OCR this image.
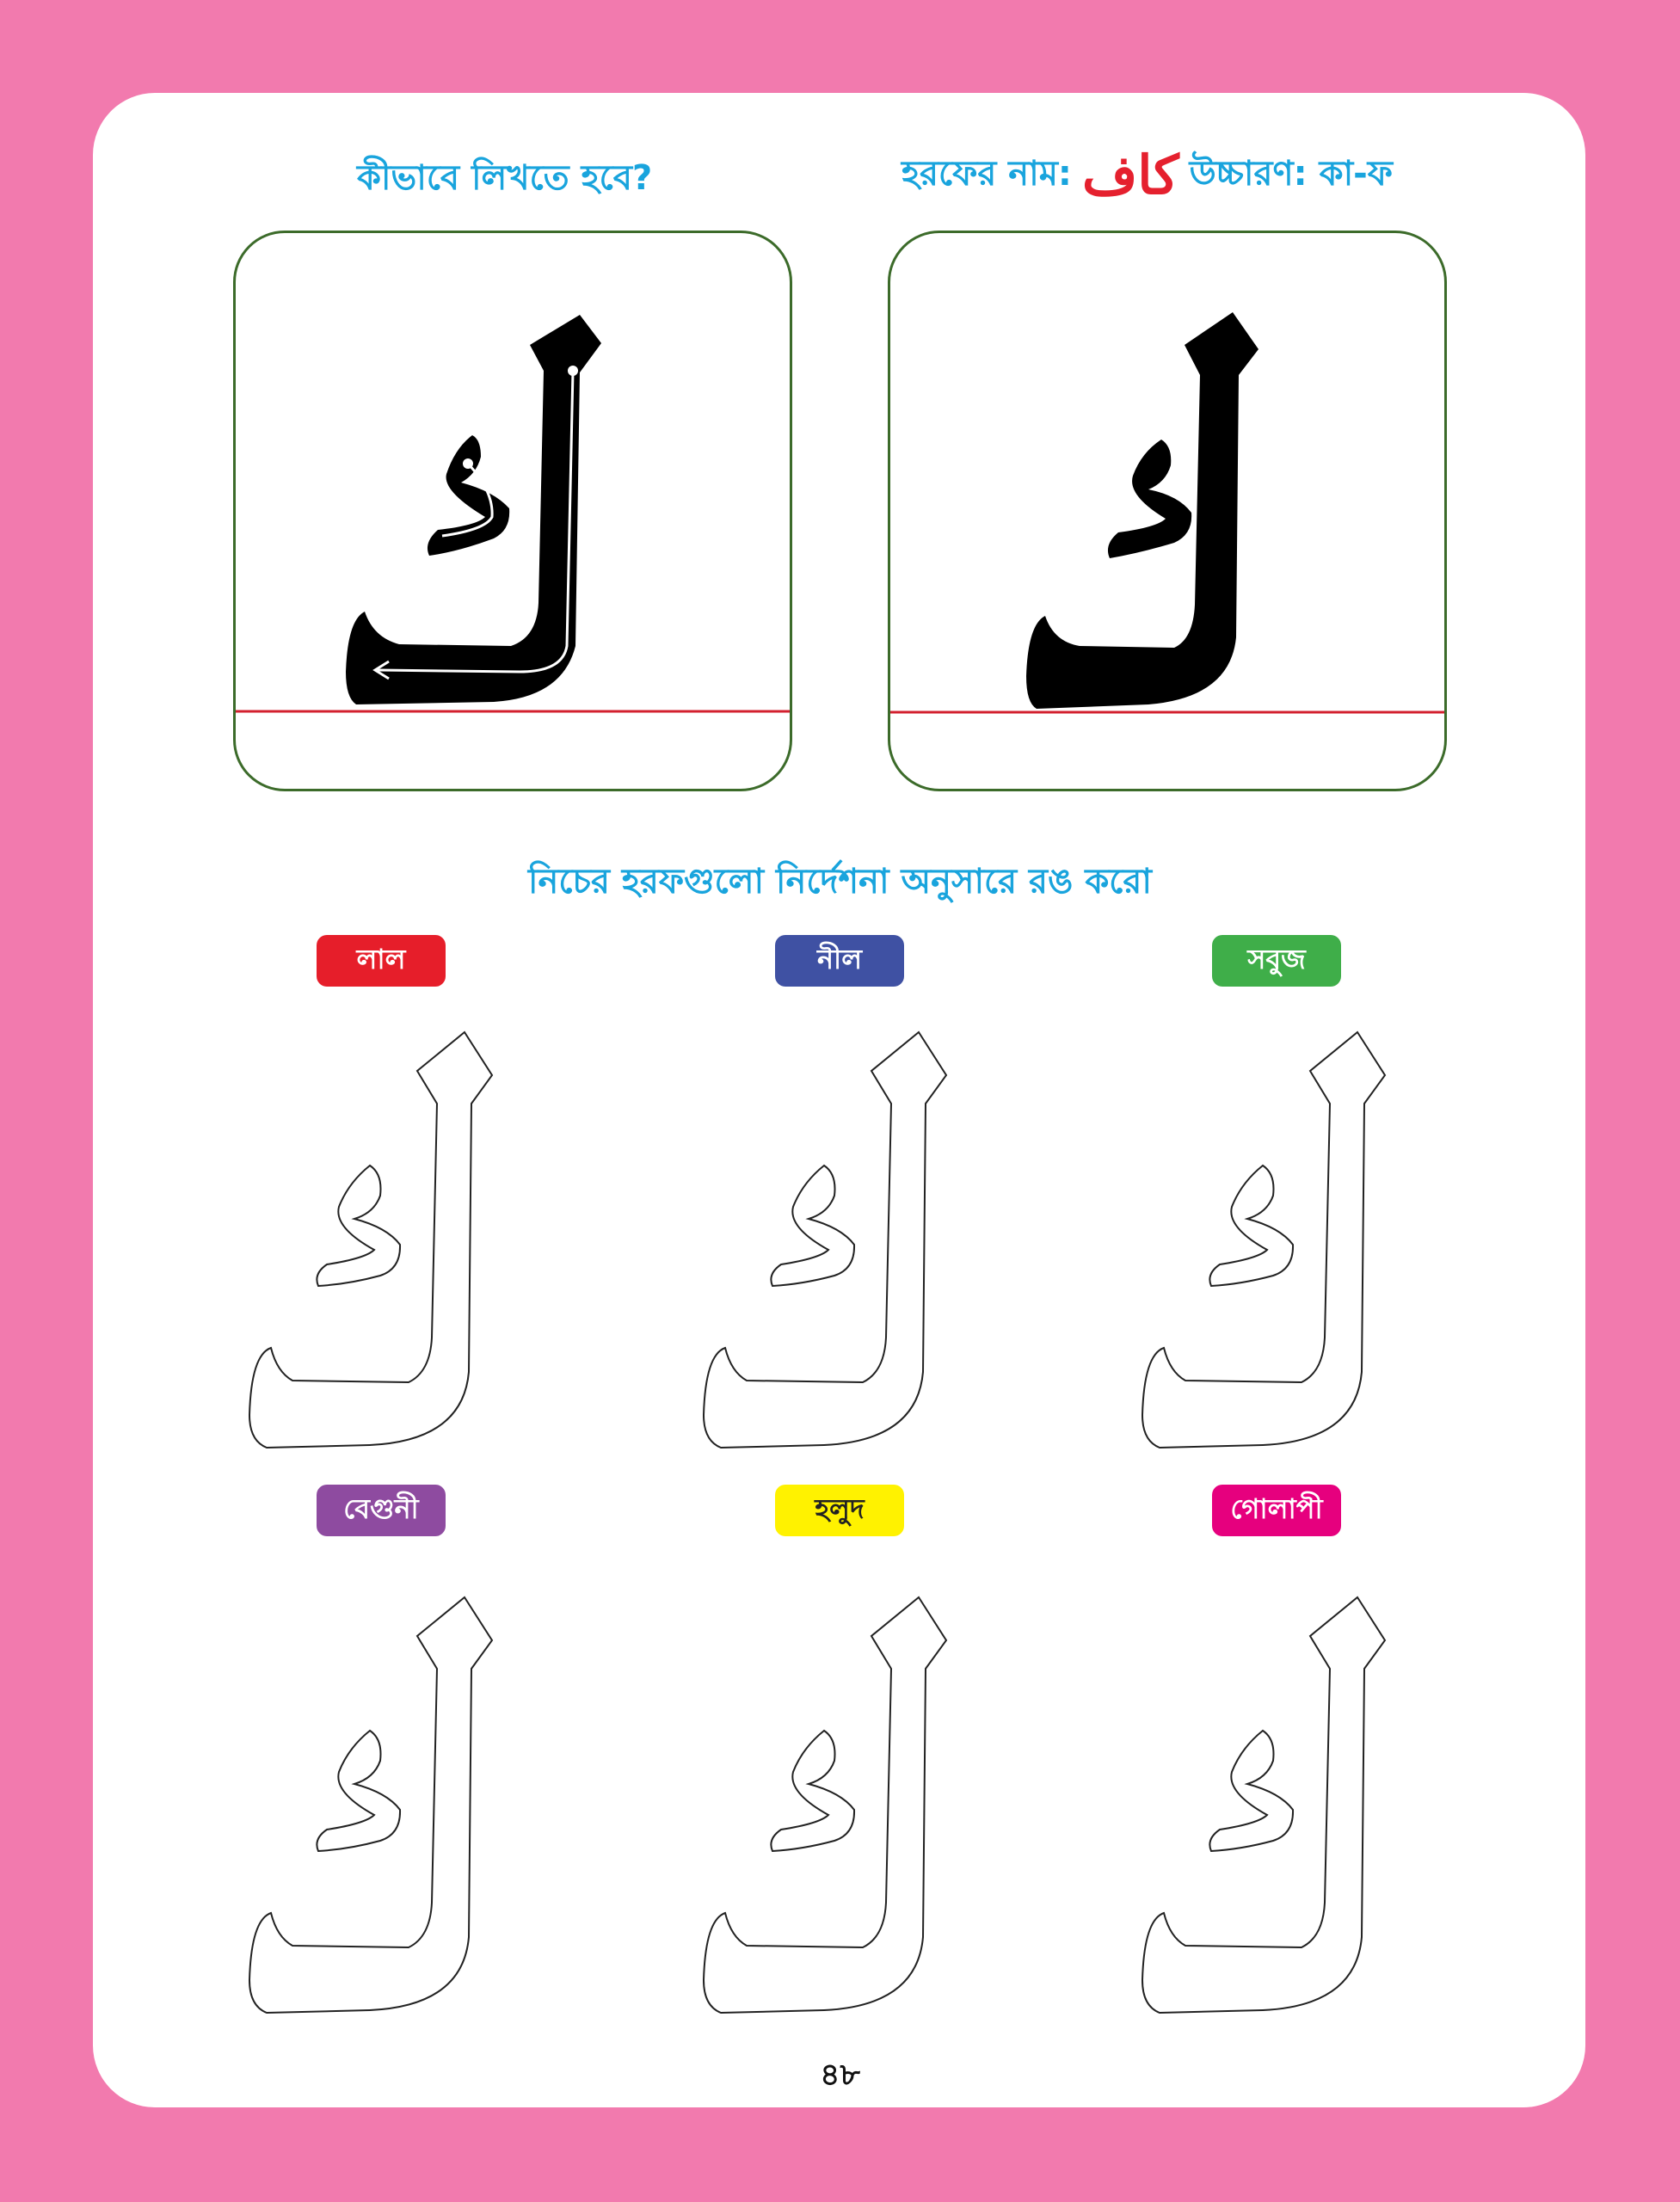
কীভাবে লিখতে হবে?	হরফের নাম: كاف উচ্চারণ: কা-ফ
নিচের হরফগুলো নির্দেশনা অনুসারে রঙ করো
লাল	নীল	সবুজ
বেগুনী	হলুদ	গোলাপী
৪৮
